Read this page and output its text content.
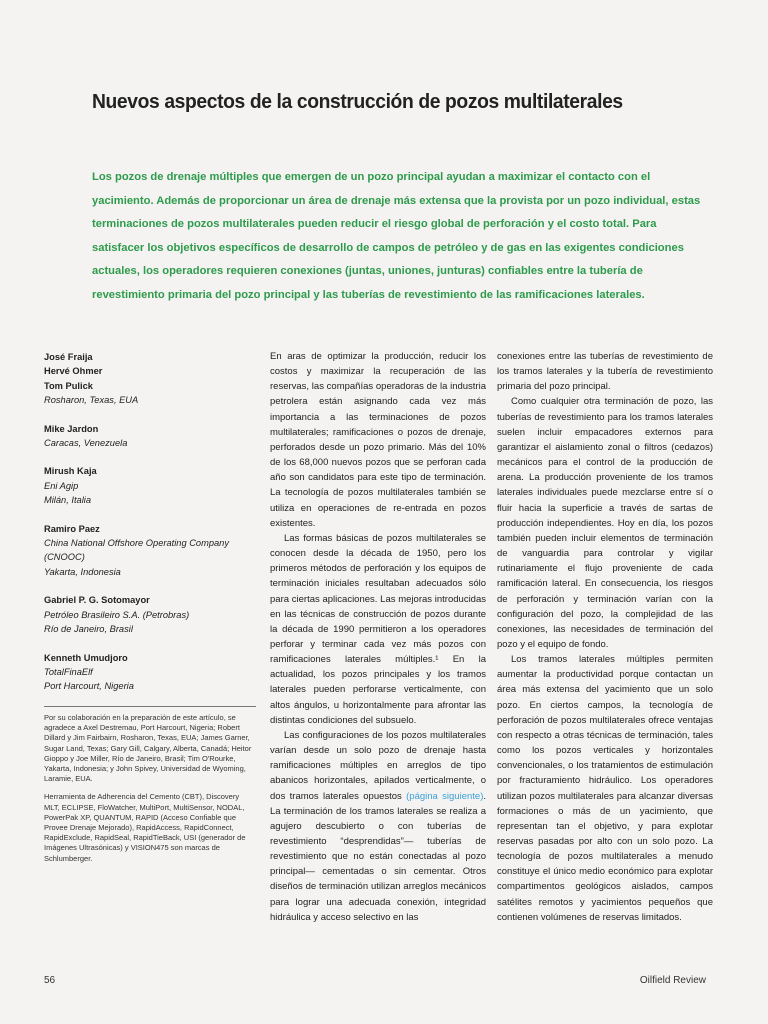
Nuevos aspectos de la construcción de pozos multilaterales

Los pozos de drenaje múltiples que emergen de un pozo principal ayudan a maximizar el contacto con el yacimiento. Además de proporcionar un área de drenaje más extensa que la provista por un pozo individual, estas terminaciones de pozos multilaterales pueden reducir el riesgo global de perforación y el costo total. Para satisfacer los objetivos específicos de desarrollo de campos de petróleo y de gas en las exigentes condiciones actuales, los operadores requieren conexiones (juntas, uniones, junturas) confiables entre la tubería de revestimiento primaria del pozo principal y las tuberías de revestimiento de las ramificaciones laterales.

José Fraija
Hervé Ohmer
Tom Pulick
Rosharon, Texas, EUA
Mike Jardon
Caracas, Venezuela
Mirush Kaja
Eni Agip
Milán, Italia
Ramiro Paez
China National Offshore Operating Company (CNOOC)
Yakarta, Indonesia
Gabriel P. G. Sotomayor
Petróleo Brasileiro S.A. (Petrobras)
Río de Janeiro, Brasil
Kenneth Umudjoro
TotalFinaElf
Port Harcourt, Nigeria

Por su colaboración en la preparación de este artículo, se agradece a Axel Destremau, Port Harcourt, Nigeria; Robert Dillard y Jim Fairbairn, Rosharon, Texas, EUA; James Garner, Sugar Land, Texas; Gary Gill, Calgary, Alberta, Canadá; Heitor Gioppo y Joe Miller, Río de Janeiro, Brasil; Tim O'Rourke, Yakarta, Indonesia; y John Spivey, Universidad de Wyoming, Laramie, EUA.

Herramienta de Adherencia del Cemento (CBT), Discovery MLT, ECLIPSE, FloWatcher, MultiPort, MultiSensor, NODAL, PowerPak XP, QUANTUM, RAPID (Acceso Confiable que Provee Drenaje Mejorado), RapidAccess, RapidConnect, RapidExclude, RapidSeal, RapidTieBack, USI (generador de Imágenes Ultrasónicas) y VISION475 son marcas de Schlumberger.

En aras de optimizar la producción, reducir los costos y maximizar la recuperación de las reservas, las compañías operadoras de la industria petrolera están asignando cada vez más importancia a las terminaciones de pozos multilaterales; ramificaciones o pozos de drenaje, perforados desde un pozo primario. Más del 10% de los 68,000 nuevos pozos que se perforan cada año son candidatos para este tipo de terminación. La tecnología de pozos multilaterales también se utiliza en operaciones de re-entrada en pozos existentes.

Las formas básicas de pozos multilaterales se conocen desde la década de 1950, pero los primeros métodos de perforación y los equipos de terminación iniciales resultaban adecuados sólo para ciertas aplicaciones. Las mejoras introducidas en las técnicas de construcción de pozos durante la década de 1990 permitieron a los operadores perforar y terminar cada vez más pozos con ramificaciones laterales múltiples.¹ En la actualidad, los pozos principales y los tramos laterales pueden perforarse verticalmente, con altos ángulos, u horizontalmente para afrontar las distintas condiciones del subsuelo.

Las configuraciones de los pozos multilaterales varían desde un solo pozo de drenaje hasta ramificaciones múltiples en arreglos de tipo abanicos horizontales, apilados verticalmente, o dos tramos laterales opuestos (página siguiente). La terminación de los tramos laterales se realiza a agujero descubierto o con tuberías de revestimiento “desprendidas”— tuberías de revestimiento que no están conectadas al pozo principal— cementadas o sin cementar. Otros diseños de terminación utilizan arreglos mecánicos para lograr una adecuada conexión, integridad hidráulica y acceso selectivo en las

conexiones entre las tuberías de revestimiento de los tramos laterales y la tubería de revestimiento primaria del pozo principal.

Como cualquier otra terminación de pozo, las tuberías de revestimiento para los tramos laterales suelen incluir empacadores externos para garantizar el aislamiento zonal o filtros (cedazos) mecánicos para el control de la producción de arena. La producción proveniente de los tramos laterales individuales puede mezclarse entre sí o fluir hacia la superficie a través de sartas de producción independientes. Hoy en día, los pozos también pueden incluir elementos de terminación de vanguardia para controlar y vigilar rutinariamente el flujo proveniente de cada ramificación lateral. En consecuencia, los riesgos de perforación y terminación varían con la configuración del pozo, la complejidad de las conexiones, las necesidades de terminación del pozo y el equipo de fondo.

Los tramos laterales múltiples permiten aumentar la productividad porque contactan un área más extensa del yacimiento que un solo pozo. En ciertos campos, la tecnología de perforación de pozos multilaterales ofrece ventajas con respecto a otras técnicas de terminación, tales como los pozos verticales y horizontales convencionales, o los tratamientos de estimulación por fracturamiento hidráulico. Los operadores utilizan pozos multilaterales para alcanzar diversas formaciones o más de un yacimiento, que representan tan el objetivo, y para explotar reservas pasadas por alto con un solo pozo. La tecnología de pozos multilaterales a menudo constituye el único medio económico para explotar compartimentos geológicos aislados, campos satélites remotos y yacimientos pequeños que contienen volúmenes de reservas limitados.

56	Oilfield Review
